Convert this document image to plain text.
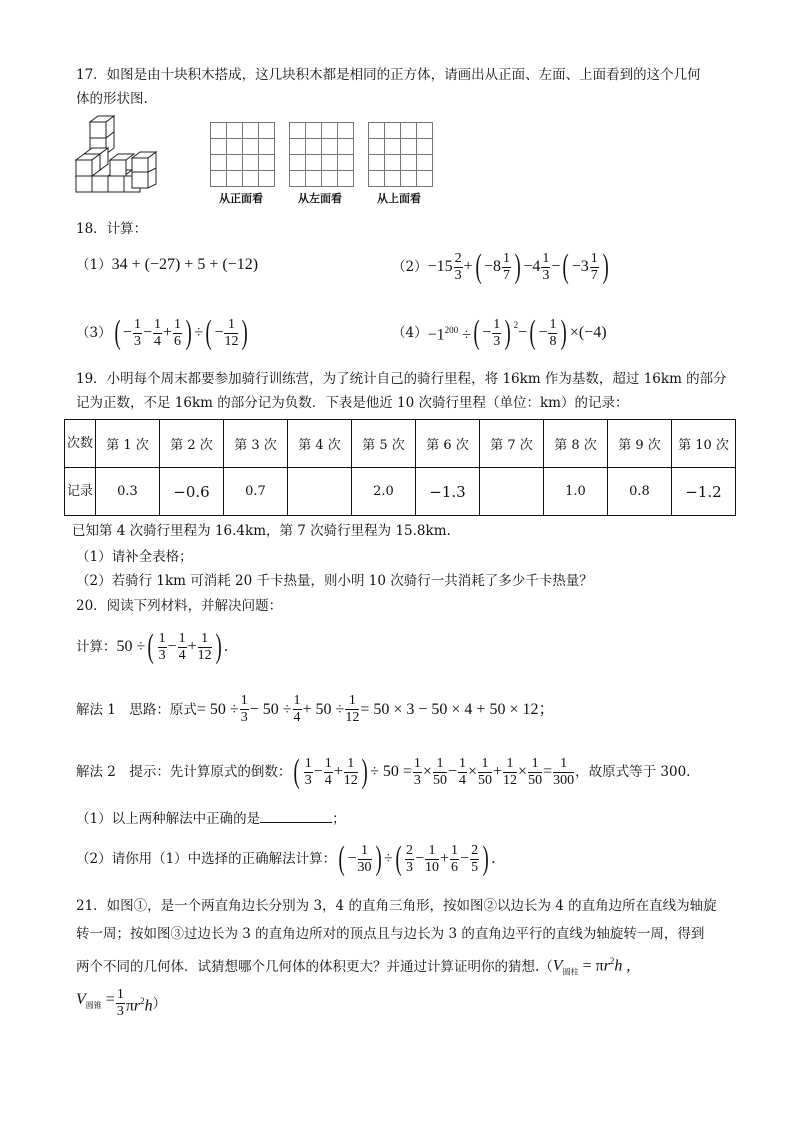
17．如图是由十块积木搭成，这几块积木都是相同的正方体，请画出从正面、左面、上面看到的这个几何
体的形状图.
从正面看	从左面看	从上面看
18．计算：
（1） 34 + (−27) + 5 + (−12)	$(2) -15 \frac{2}{3}$ + ( $-8 \frac{1}{7}$ ) $-4 \frac{1}{3}$ − ( $-3 \frac{1}{7}$ )
（3） ( − $\frac{1}{3} - \frac{1}{4} + \frac{1}{6}$ ) ÷ ( − $\frac{1}{12}$ )	$(4) -1^{200}$ ÷ ( − $\frac{1}{3}$ ) $^2$ − ( − $\frac{1}{8}$ ) ×(−4)
19．小明每个周末都要参加骑行训练营，为了统计自己的骑行里程，将 16km 作为基数，超过 16km 的部分
记为正数，不足 16km 的部分记为负数．下表是他近 10 次骑行里程（单位：km）的记录：
次数	第 1 次	第 2 次	第 3 次	第 4 次	第 5 次	第 6 次	第 7 次	第 8 次	第 9 次	第 10 次
记录	0.3	−0.6	0.7		2.0	−1.3		1.0	0.8	−1.2
已知第 4 次骑行里程为 16.4km，第 7 次骑行里程为 15.8km.
（1）请补全表格；
（2）若骑行 1km 可消耗 20 千卡热量，则小明 10 次骑行一共消耗了多少千卡热量？
20．阅读下列材料，并解决问题：
计算： 50 ÷ ( $\frac{1}{3} - \frac{1}{4} + \frac{1}{12}$ ) .
解法 1　思路：原式 = $50 \div \frac{1}{3} - 50 \div \frac{1}{4} + 50 \div \frac{1}{12} = 50 \times 3 - 50 \times 4 + 50 \times 12$；
解法 2　提示：先计算原式的倒数： ( $\frac{1}{3} - \frac{1}{4} + \frac{1}{12}$ ) ÷ $50 = \frac{1}{3} \times \frac{1}{50} - \frac{1}{4} \times \frac{1}{50} + \frac{1}{12} \times \frac{1}{50} = \frac{1}{300}$ ，故原式等于 300.
（1）以上两种解法中正确的是	；
（2）请你用（1）中选择的正确解法计算： ( − $\frac{1}{30}$ ) ÷ ( $\frac{2}{3} - \frac{1}{10} + \frac{1}{6} - \frac{2}{5}$ ) .
21．如图①，是一个两直角边长分别为 3，4 的直角三角形，按如图②以边长为 4 的直角边所在直线为轴旋
转一周；按如图③过边长为 3 的直角边所对的顶点且与边长为 3 的直角边平行的直线为轴旋转一周，得到
两个不同的几何体．试猜想哪个几何体的体积更大？并通过计算证明你的猜想.（ $V_{圆柱} = \pi r^2h$ ,
$V_{圆锥} = \frac{1}{3} \pi r^2h$ ）
